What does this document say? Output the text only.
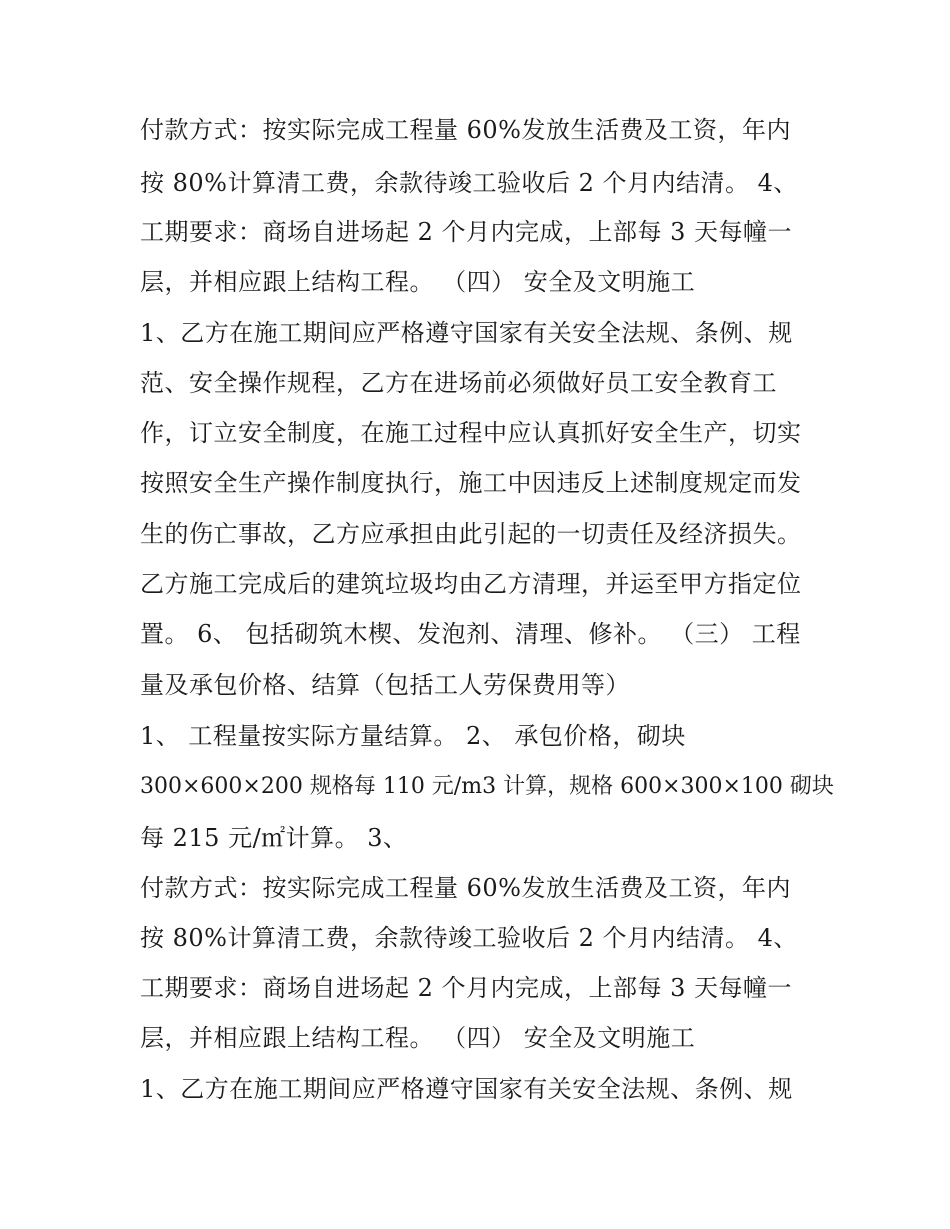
付款方式：按实际完成工程量 60%发放生活费及工资，年内
按 80%计算清工费，余款待竣工验收后 2 个月内结清。 4、
工期要求：商场自进场起 2 个月内完成，上部每 3 天每幢一
层，并相应跟上结构工程。 （四） 安全及文明施工
1、乙方在施工期间应严格遵守国家有关安全法规、条例、规
范、安全操作规程，乙方在进场前必须做好员工安全教育工
作，订立安全制度，在施工过程中应认真抓好安全生产，切实
按照安全生产操作制度执行，施工中因违反上述制度规定而发
生的伤亡事故，乙方应承担由此引起的一切责任及经济损失。
乙方施工完成后的建筑垃圾均由乙方清理，并运至甲方指定位
置。 6、 包括砌筑木楔、发泡剂、清理、修补。 （三） 工程
量及承包价格、结算（包括工人劳保费用等）
1、 工程量按实际方量结算。 2、 承包价格，砌块
300×600×200 规格每 110 元/m3 计算，规格 600×300×100 砌块
每 215 元/㎡计算。 3、
付款方式：按实际完成工程量 60%发放生活费及工资，年内
按 80%计算清工费，余款待竣工验收后 2 个月内结清。 4、
工期要求：商场自进场起 2 个月内完成，上部每 3 天每幢一
层，并相应跟上结构工程。 （四） 安全及文明施工
1、乙方在施工期间应严格遵守国家有关安全法规、条例、规
